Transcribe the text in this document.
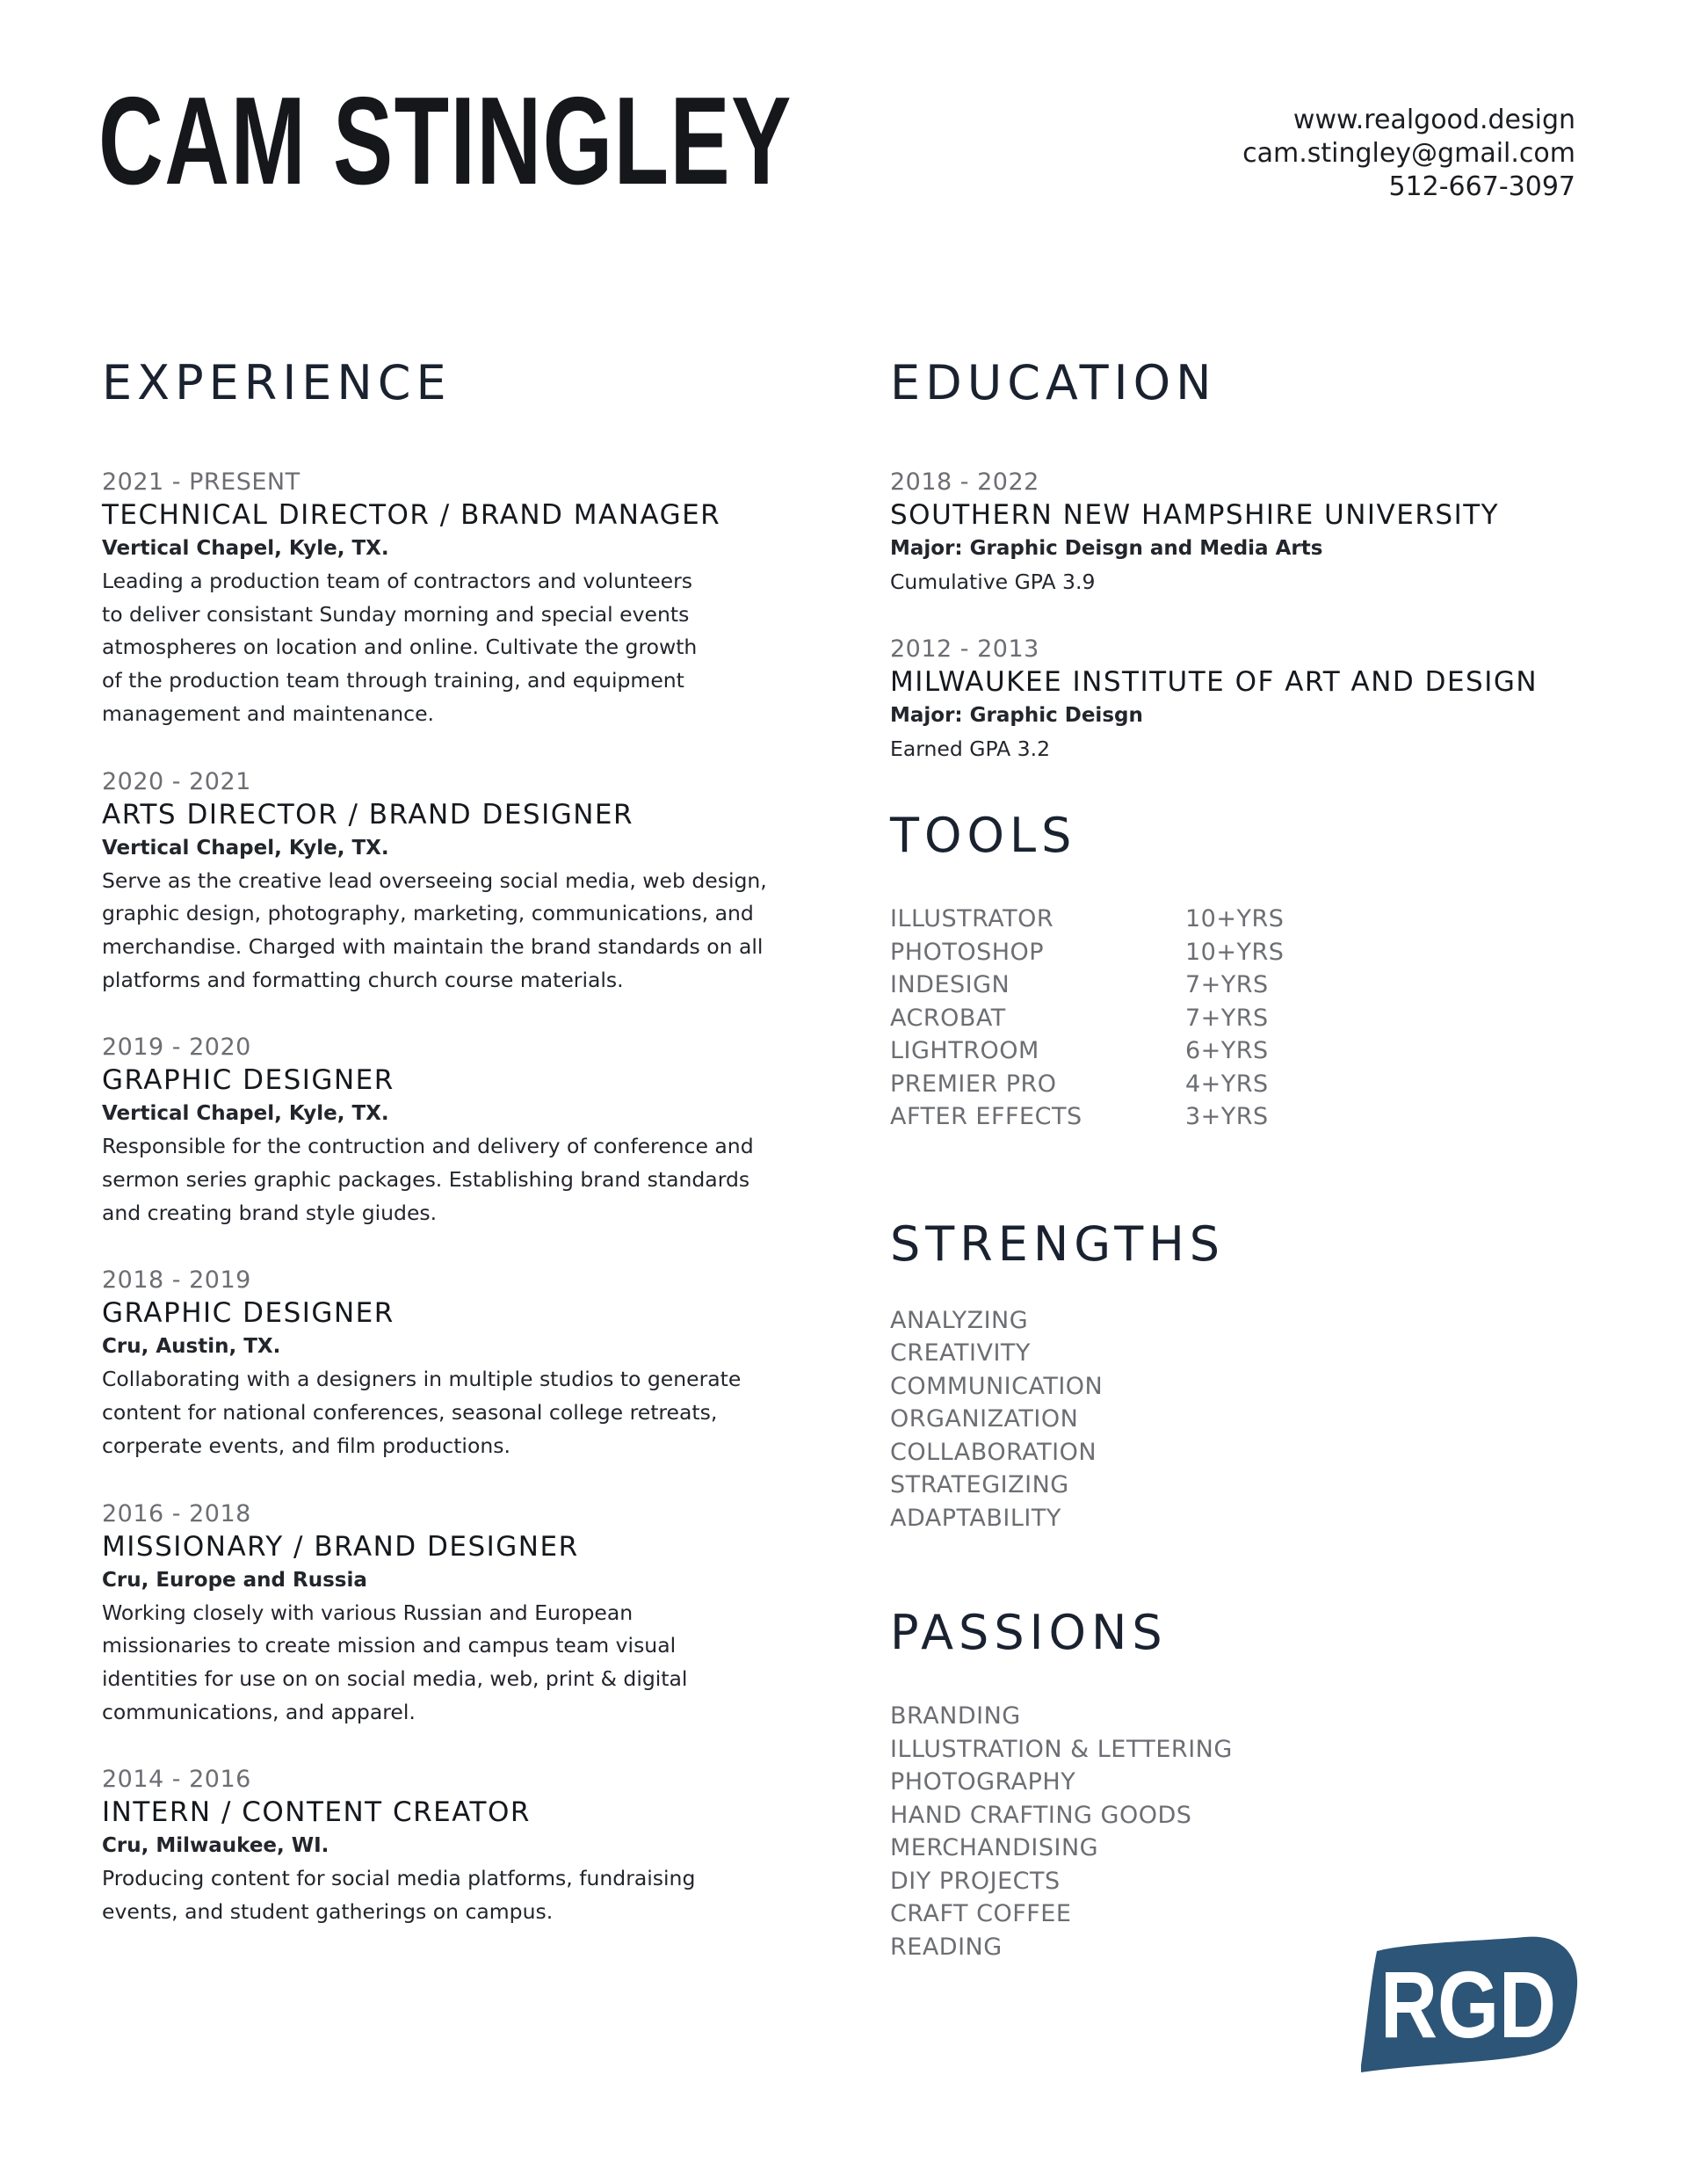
CAM STINGLEY	www.realgood.design
cam.stingley@gmail.com
512-667-3097
EXPERIENCE
2021 - PRESENT
TECHNICAL DIRECTOR / BRAND MANAGER
Vertical Chapel, Kyle, TX.
Leading a production team of contractors and volunteers
to deliver consistant Sunday morning and special events
atmospheres on location and online. Cultivate the growth
of the production team through training, and equipment
management and maintenance.
2020 - 2021
ARTS DIRECTOR / BRAND DESIGNER
Vertical Chapel, Kyle, TX.
Serve as the creative lead overseeing social media, web design,
graphic design, photography, marketing, communications, and
merchandise. Charged with maintain the brand standards on all
platforms and formatting church course materials.
2019 - 2020
GRAPHIC DESIGNER
Vertical Chapel, Kyle, TX.
Responsible for the contruction and delivery of conference and
sermon series graphic packages. Establishing brand standards
and creating brand style giudes.
2018 - 2019
GRAPHIC DESIGNER
Cru, Austin, TX.
Collaborating with a designers in multiple studios to generate
content for national conferences, seasonal college retreats,
corperate events, and film productions.
2016 - 2018
MISSIONARY / BRAND DESIGNER
Cru, Europe and Russia
Working closely with various Russian and European
missionaries to create mission and campus team visual
identities for use on on social media, web, print & digital
communications, and apparel.
2014 - 2016
INTERN / CONTENT CREATOR
Cru, Milwaukee, WI.
Producing content for social media platforms, fundraising
events, and student gatherings on campus.
EDUCATION
2018 - 2022
SOUTHERN NEW HAMPSHIRE UNIVERSITY
Major: Graphic Deisgn and Media Arts
Cumulative GPA 3.9
2012 - 2013
MILWAUKEE INSTITUTE OF ART AND DESIGN
Major: Graphic Deisgn
Earned GPA 3.2
TOOLS
ILLUSTRATOR	10+YRS
PHOTOSHOP	10+YRS
INDESIGN	7+YRS
ACROBAT	7+YRS
LIGHTROOM	6+YRS
PREMIER PRO	4+YRS
AFTER EFFECTS	3+YRS
STRENGTHS
ANALYZING
CREATIVITY
COMMUNICATION
ORGANIZATION
COLLABORATION
STRATEGIZING
ADAPTABILITY
PASSIONS
BRANDING
ILLUSTRATION & LETTERING
PHOTOGRAPHY
HAND CRAFTING GOODS
MERCHANDISING
DIY PROJECTS
CRAFT COFFEE
READING
RGD
